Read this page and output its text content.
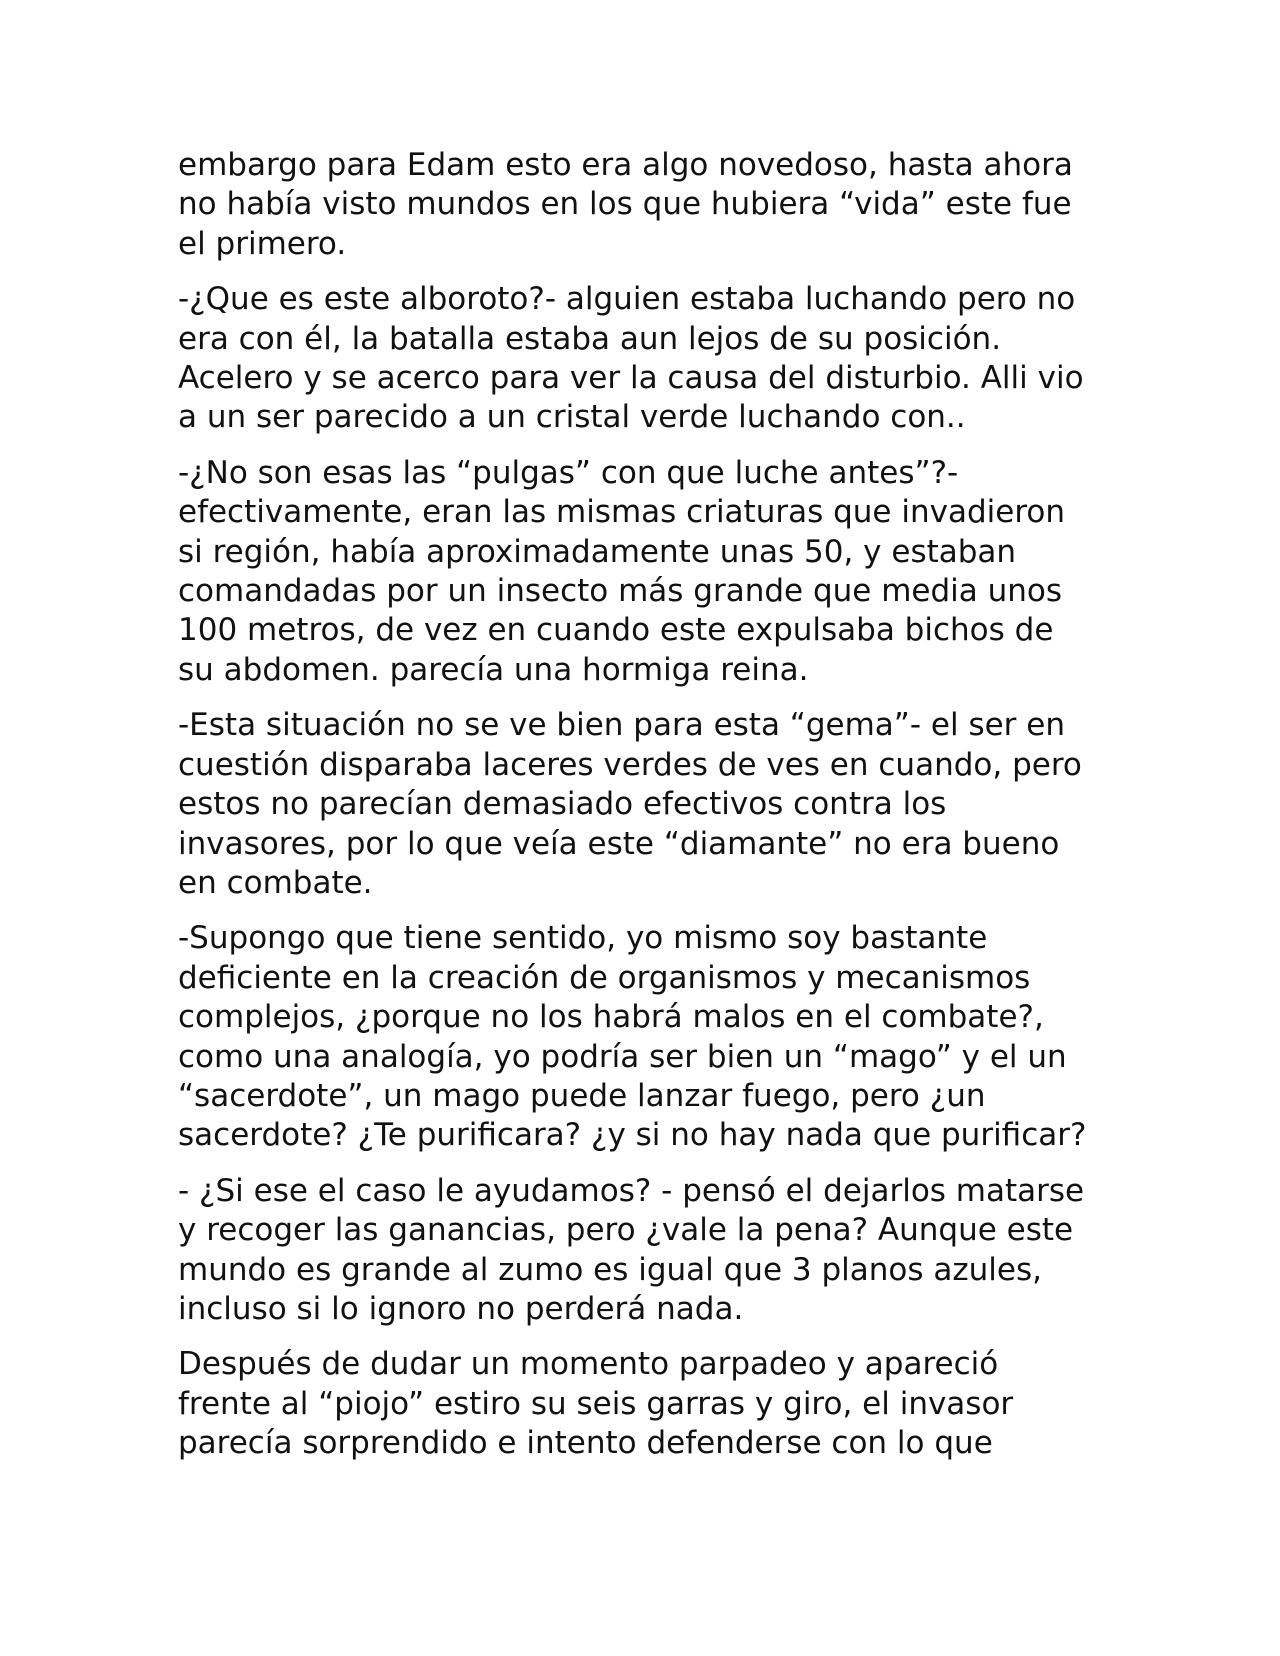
embargo para Edam esto era algo novedoso, hasta ahora no había visto mundos en los que hubiera “vida” este fue el primero.

-¿Que es este alboroto?- alguien estaba luchando pero no era con él, la batalla estaba aun lejos de su posición. Acelero y se acerco para ver la causa del disturbio. Alli vio a un ser parecido a un cristal verde luchando con..

-¿No son esas las “pulgas” con que luche antes”?- efectivamente, eran las mismas criaturas que invadieron si región, había aproximadamente unas 50, y estaban comandadas por un insecto más grande que media unos 100 metros, de vez en cuando este expulsaba bichos de su abdomen. parecía una hormiga reina.

-Esta situación no se ve bien para esta “gema”- el ser en cuestión disparaba laceres verdes de ves en cuando, pero estos no parecían demasiado efectivos contra los invasores, por lo que veía este “diamante” no era bueno en combate.

-Supongo que tiene sentido, yo mismo soy bastante deficiente en la creación de organismos y mecanismos complejos, ¿porque no los habrá malos en el combate?, como una analogía, yo podría ser bien un “mago” y el un “sacerdote”, un mago puede lanzar fuego, pero ¿un sacerdote? ¿Te purificara? ¿y si no hay nada que purificar?

- ¿Si ese el caso le ayudamos? - pensó el dejarlos matarse y recoger las ganancias, pero ¿vale la pena? Aunque este mundo es grande al zumo es igual que 3 planos azules, incluso si lo ignoro no perderá nada.

Después de dudar un momento parpadeo y apareció frente al “piojo” estiro su seis garras y giro, el invasor parecía sorprendido e intento defenderse con lo que
